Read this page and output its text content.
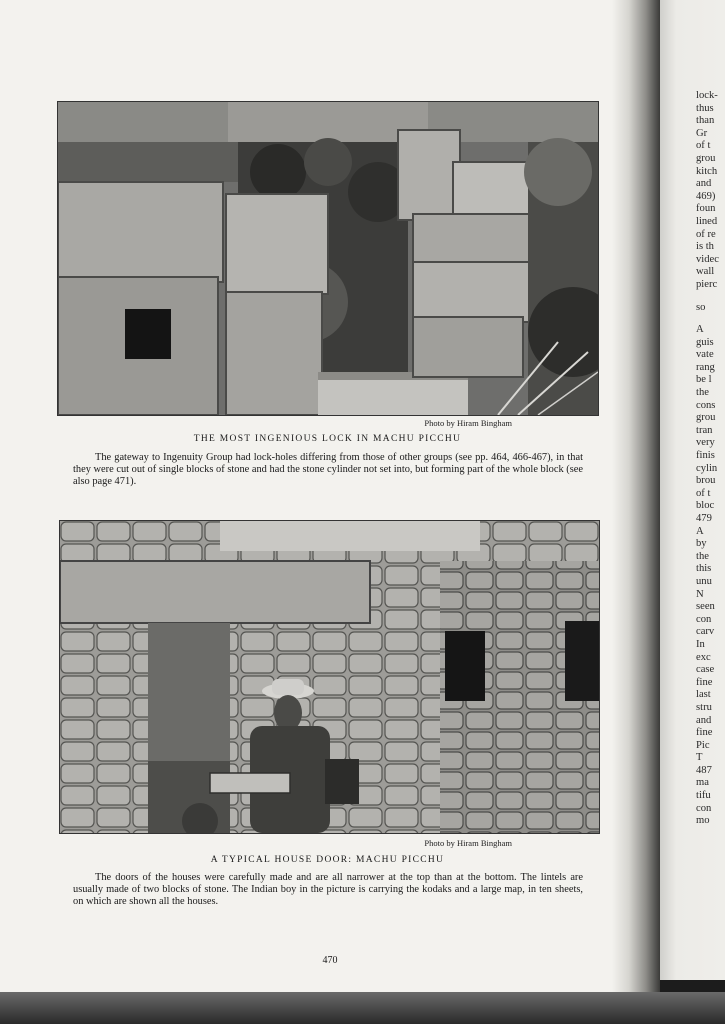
Photo by Hiram Bingham
THE MOST INGENIOUS LOCK IN MACHU PICCHU
The gateway to Ingenuity Group had lock-holes differing from those of other groups (see pp. 464, 466-467), in that they were cut out of single blocks of stone and had the stone cylinder not set into, but forming part of the whole block (see also page 471).
Photo by Hiram Bingham
A TYPICAL HOUSE DOOR: MACHU PICCHU
The doors of the houses were carefully made and are all narrower at the top than at the bottom. The lintels are usually made of two blocks of stone. The Indian boy in the picture is carrying the kodaks and a large map, in ten sheets, on which are shown all the houses.
470
lock-
thus
than
Gr
of t
grou
kitch
and
469)
foun
lined
of re
is th
videc
wall
pierc
so
A
guis
vate
rang
be l
the
cons
grou
tran
very
finis
cylin
brou
of t
bloc
479
A
by
the
this
unu
N
seen
con
carv
In
exc
case
fine
last
stru
and
fine
Pic
T
487
ma
tifu
con
mo
